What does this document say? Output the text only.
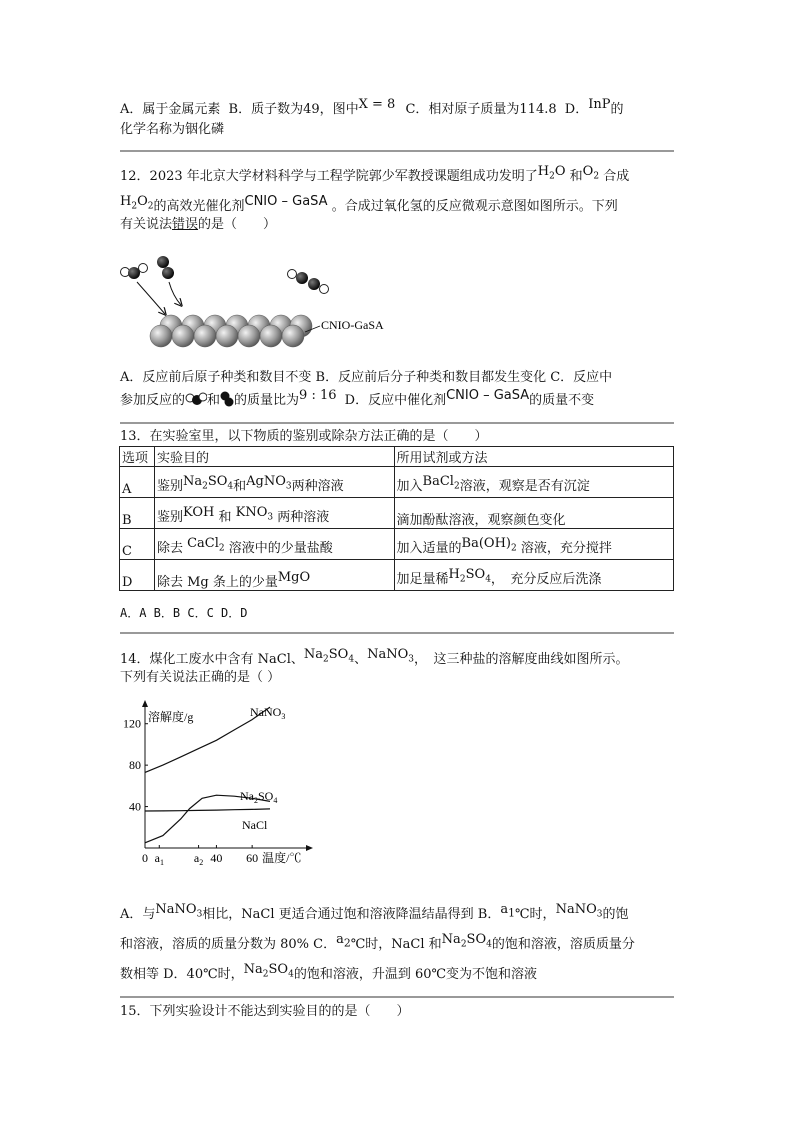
A．属于金属元素 B．质子数为49，图中X = 8 C．相对原子质量为114.8 D．InP的
化学名称为铟化磷
12．2023 年北京大学材料科学与工程学院郭少军教授课题组成功发明了$H_2O$ 和$O_2$ 合成
$H_2O_2$的高效光催化剂CNIO – GaSA 。合成过氧化氢的反应微观示意图如图所示。下列
有关说法错误的是（　　）
CNIO-GaSA
A．反应前后原子种类和数目不变 B．反应前后分子种类和数目都发生变化 C．反应中
参加反应的 和 的质量比为9 : 16 D．反应中催化剂CNIO – GaSA的质量不变
13．在实验室里，以下物质的鉴别或除杂方法正确的是（　　）
选项	实验目的	所用试剂或方法
A	鉴别$Na_2SO_4$和AgNO$_3$两种溶液	加入BaCl$_2$溶液，观察是否有沉淀
B	鉴别KOH 和 $KNO_3$ 两种溶液	滴加酚酞溶液，观察颜色变化
C	除去 CaCl$_2$ 溶液中的少量盐酸	加入适量的$Ba(OH)_2$ 溶液，充分搅拌
D	除去 Mg 条上的少量MgO	加足量稀$H_2SO_4$，　充分反应后洗涤
A．A B．B C．C D．D
14．煤化工废水中含有 NaCl、$Na_2SO_4$、NaNO$_3$，　这三种盐的溶解度曲线如图所示。
下列有关说法正确的是（ ）
40
80
120
0 $a_1$ $a_2$ 40 60
溶解度/g
温度/℃
NaNO$_3$
$Na_2SO_4$
NaCl
A．与NaNO$_3$相比，NaCl 更适合通过饱和溶液降温结晶得到 B．$a_1℃$时，NaNO$_3$的饱
和溶液，溶质的质量分数为 80% C．$a_2℃$时，NaCl 和$Na_2SO_4$的饱和溶液，溶质质量分
数相等 D．40℃时，$Na_2SO_4$的饱和溶液，升温到 60℃变为不饱和溶液
15．下列实验设计不能达到实验目的的是（　　）
